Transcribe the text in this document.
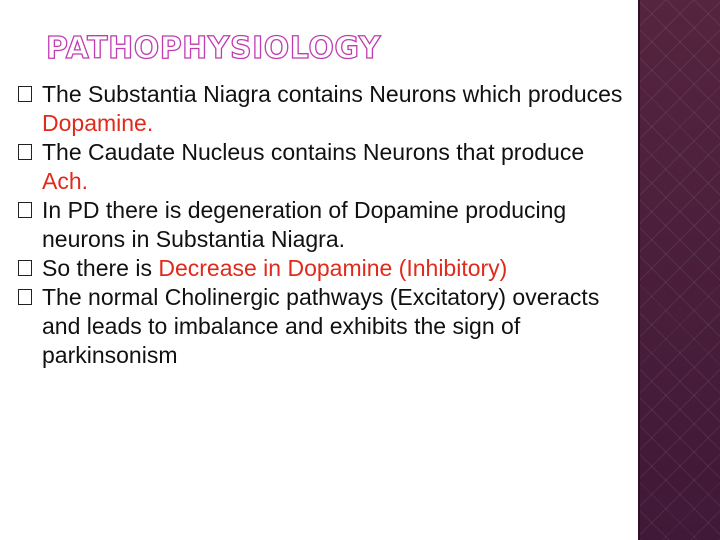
PATHOPHYSIOLOGY
The Substantia Niagra contains Neurons which produces Dopamine.
The Caudate Nucleus contains Neurons that produce Ach.
In PD there is degeneration of Dopamine producing neurons in Substantia Niagra.
So there is Decrease in Dopamine (Inhibitory)
The normal Cholinergic pathways (Excitatory) overacts and leads to imbalance and exhibits the sign of parkinsonism
